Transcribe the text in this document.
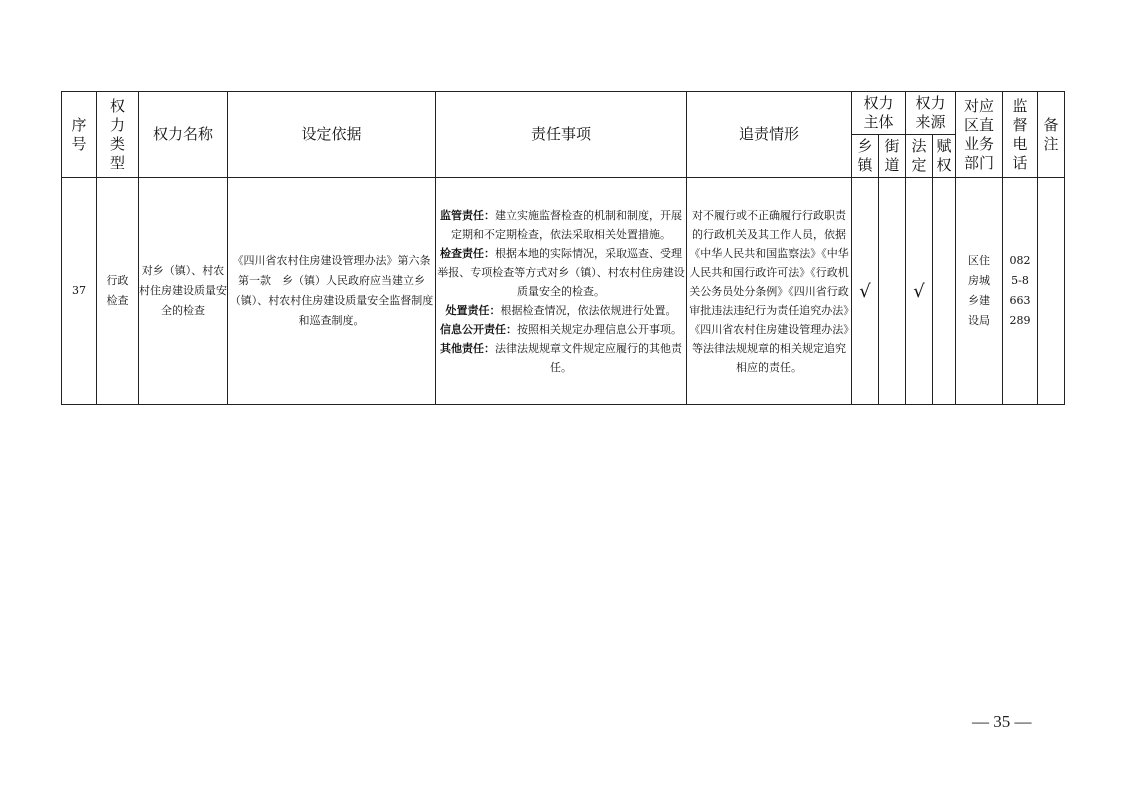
序号	权力类型	权力名称	设定依据	责任事项	追责情形	权力主体		权力来源		对应区直业务部门	监督电话	备注
						乡镇	街道	法定	赋权			
37	行政检查	对乡（镇）、村农村住房建设质量安全的检查	《四川省农村住房建设管理办法》第六条第一款　乡（镇）人民政府应当建立乡（镇）、村农村住房建设质量安全监督制度和巡查制度。	监管责任：建立实施监督检查的机制和制度，开展定期和不定期检查，依法采取相关处置措施。
检查责任：根据本地的实际情况，采取巡查、受理举报、专项检查等方式对乡（镇）、村农村住房建设质量安全的检查。
处置责任：根据检查情况，依法依规进行处置。
信息公开责任：按照相关规定办理信息公开事项。
其他责任：法律法规规章文件规定应履行的其他责任。	对不履行或不正确履行行政职责的行政机关及其工作人员，依据《中华人民共和国监察法》《中华人民共和国行政许可法》《行政机关公务员处分条例》《四川省行政审批违法违纪行为责任追究办法》《四川省农村住房建设管理办法》等法律法规规章的相关规定追究相应的责任。	√		√		区住房城乡建设局	0825-8663289	
— 35 —
